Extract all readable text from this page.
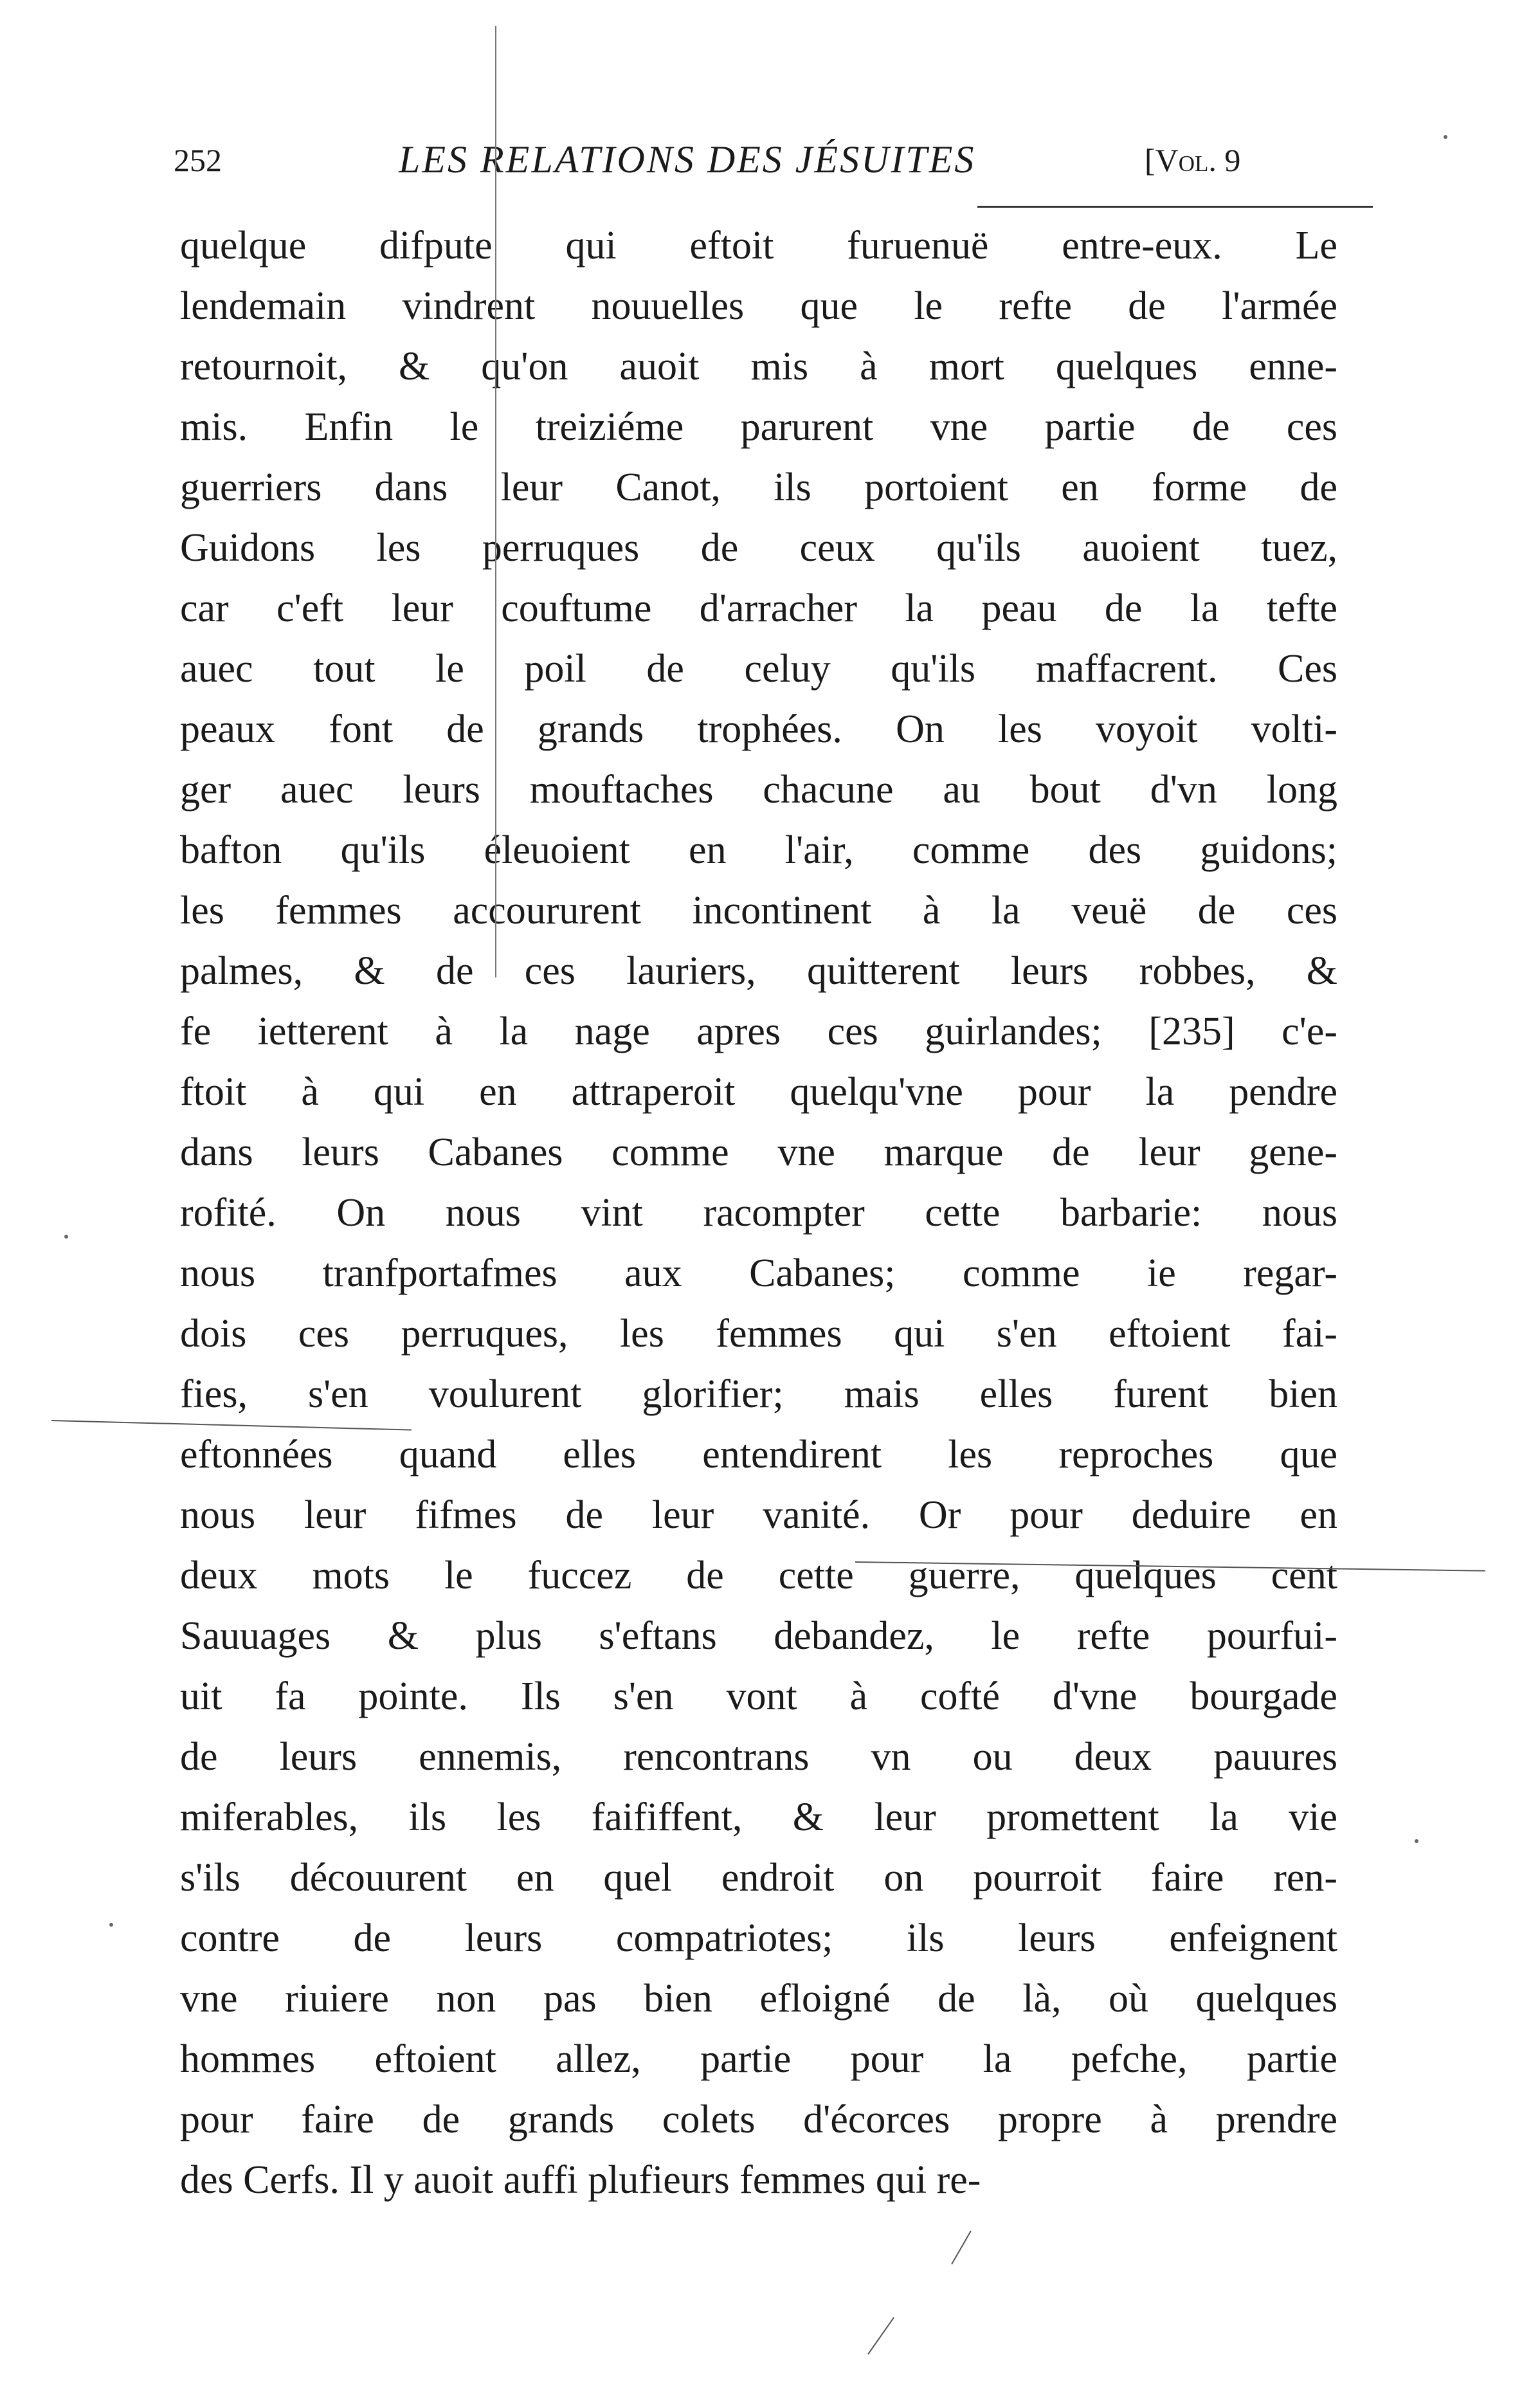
252	LES RELATIONS DES JÉSUITES	[Vol. 9
quelque difpute qui eftoit furuenuë entre-eux. Le
lendemain vindrent nouuelles que le refte de l'armée
retournoit, & qu'on auoit mis à mort quelques enne-
mis. Enfin le treiziéme parurent vne partie de ces
guerriers dans leur Canot, ils portoient en forme de
Guidons les perruques de ceux qu'ils auoient tuez,
car c'eft leur couftume d'arracher la peau de la tefte
auec tout le poil de celuy qu'ils maffacrent. Ces
peaux font de grands trophées. On les voyoit volti-
ger auec leurs mouftaches chacune au bout d'vn long
bafton qu'ils éleuoient en l'air, comme des guidons;
les femmes accoururent incontinent à la veuë de ces
palmes, & de ces lauriers, quitterent leurs robbes, &
fe ietterent à la nage apres ces guirlandes; [235] c'e-
ftoit à qui en attraperoit quelqu'vne pour la pendre
dans leurs Cabanes comme vne marque de leur gene-
rofité. On nous vint racompter cette barbarie: nous
nous tranfportafmes aux Cabanes; comme ie regar-
dois ces perruques, les femmes qui s'en eftoient fai-
fies, s'en voulurent glorifier; mais elles furent bien
eftonnées quand elles entendirent les reproches que
nous leur fifmes de leur vanité. Or pour deduire en
deux mots le fuccez de cette guerre, quelques cent
Sauuages & plus s'eftans debandez, le refte pourfui-
uit fa pointe. Ils s'en vont à cofté d'vne bourgade
de leurs ennemis, rencontrans vn ou deux pauures
miferables, ils les faififfent, & leur promettent la vie
s'ils découurent en quel endroit on pourroit faire ren-
contre de leurs compatriotes; ils leurs enfeignent
vne riuiere non pas bien efloigné de là, où quelques
hommes eftoient allez, partie pour la pefche, partie
pour faire de grands colets d'écorces propre à prendre
des Cerfs. Il y auoit auffi plufieurs femmes qui re-
